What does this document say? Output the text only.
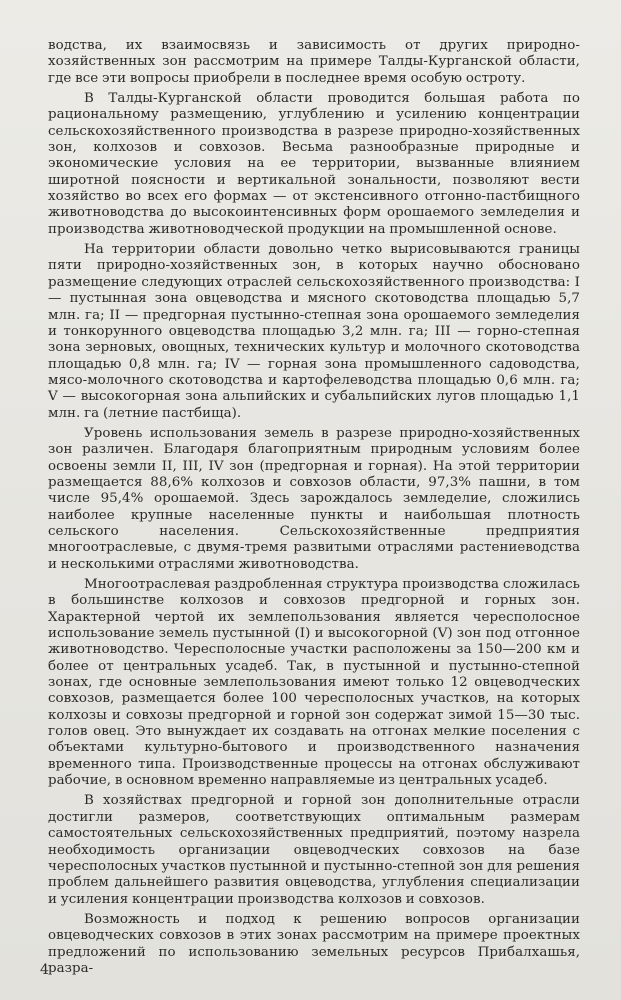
водства, их взаимосвязь и зависимость от других природно-хозяйственных зон рассмотрим на примере Талды-Курганской области, где все эти вопросы приобрели в последнее время особую остроту.

В Талды-Курганской области проводится большая работа по рациональному размещению, углублению и усилению концентрации сельскохозяйственного производства в разрезе природно-хозяйственных зон, колхозов и совхозов. Весьма разнообразные природные и экономические условия на ее территории, вызванные влиянием широтной поясности и вертикальной зональности, позволяют вести хозяйство во всех его формах — от экстенсивного отгонно-пастбищного животноводства до высокоинтенсивных форм орошаемого земледелия и производства животноводческой продукции на промышленной основе.

На территории области довольно четко вырисовываются границы пяти природно-хозяйственных зон, в которых научно обосновано размещение следующих отраслей сельскохозяйственного производства: I — пустынная зона овцеводства и мясного скотоводства площадью 5,7 млн. га; II — предгорная пустынно-степная зона орошаемого земледелия и тонкорунного овцеводства площадью 3,2 млн. га; III — горно-степная зона зерновых, овощных, технических культур и молочного скотоводства площадью 0,8 млн. га; IV — горная зона промышленного садоводства, мясо-молочного скотоводства и картофелеводства площадью 0,6 млн. га; V — высокогорная зона альпийских и субальпийских лугов площадью 1,1 млн. га (летние пастбища).

Уровень использования земель в разрезе природно-хозяйственных зон различен. Благодаря благоприятным природным условиям более освоены земли II, III, IV зон (предгорная и горная). На этой территории размещается 88,6% колхозов и совхозов области, 97,3% пашни, в том числе 95,4% орошаемой. Здесь зарождалось земледелие, сложились наиболее крупные населенные пункты и наибольшая плотность сельского населения. Сельскохозяйственные предприятия многоотраслевые, с двумя-тремя развитыми отраслями растениеводства и несколькими отраслями животноводства.

Многоотраслевая раздробленная структура производства сложилась в большинстве колхозов и совхозов предгорной и горных зон. Характерной чертой их землепользования является чересполосное использование земель пустынной (I) и высокогорной (V) зон под отгонное животноводство. Чересполосные участки расположены за 150—200 км и более от центральных усадеб. Так, в пустынной и пустынно-степной зонах, где основные землепользования имеют только 12 овцеводческих совхозов, размещается более 100 чересполосных участков, на которых колхозы и совхозы предгорной и горной зон содержат зимой 15—30 тыс. голов овец. Это вынуждает их создавать на отгонах мелкие поселения с объектами культурно-бытового и производственного назначения временного типа. Производственные процессы на отгонах обслуживают рабочие, в основном временно направляемые из центральных усадеб.

В хозяйствах предгорной и горной зон дополнительные отрасли достигли размеров, соответствующих оптимальным размерам самостоятельных сельскохозяйственных предприятий, поэтому назрела необходимость организации овцеводческих совхозов на базе чересполосных участков пустынной и пустынно-степной зон для решения проблем дальнейшего развития овцеводства, углубления специализации и усиления концентрации производства колхозов и совхозов.

Возможность и подход к решению вопросов организации овцеводческих совхозов в этих зонах рассмотрим на примере проектных предложений по использованию земельных ресурсов Прибалхашья, разра-

4
